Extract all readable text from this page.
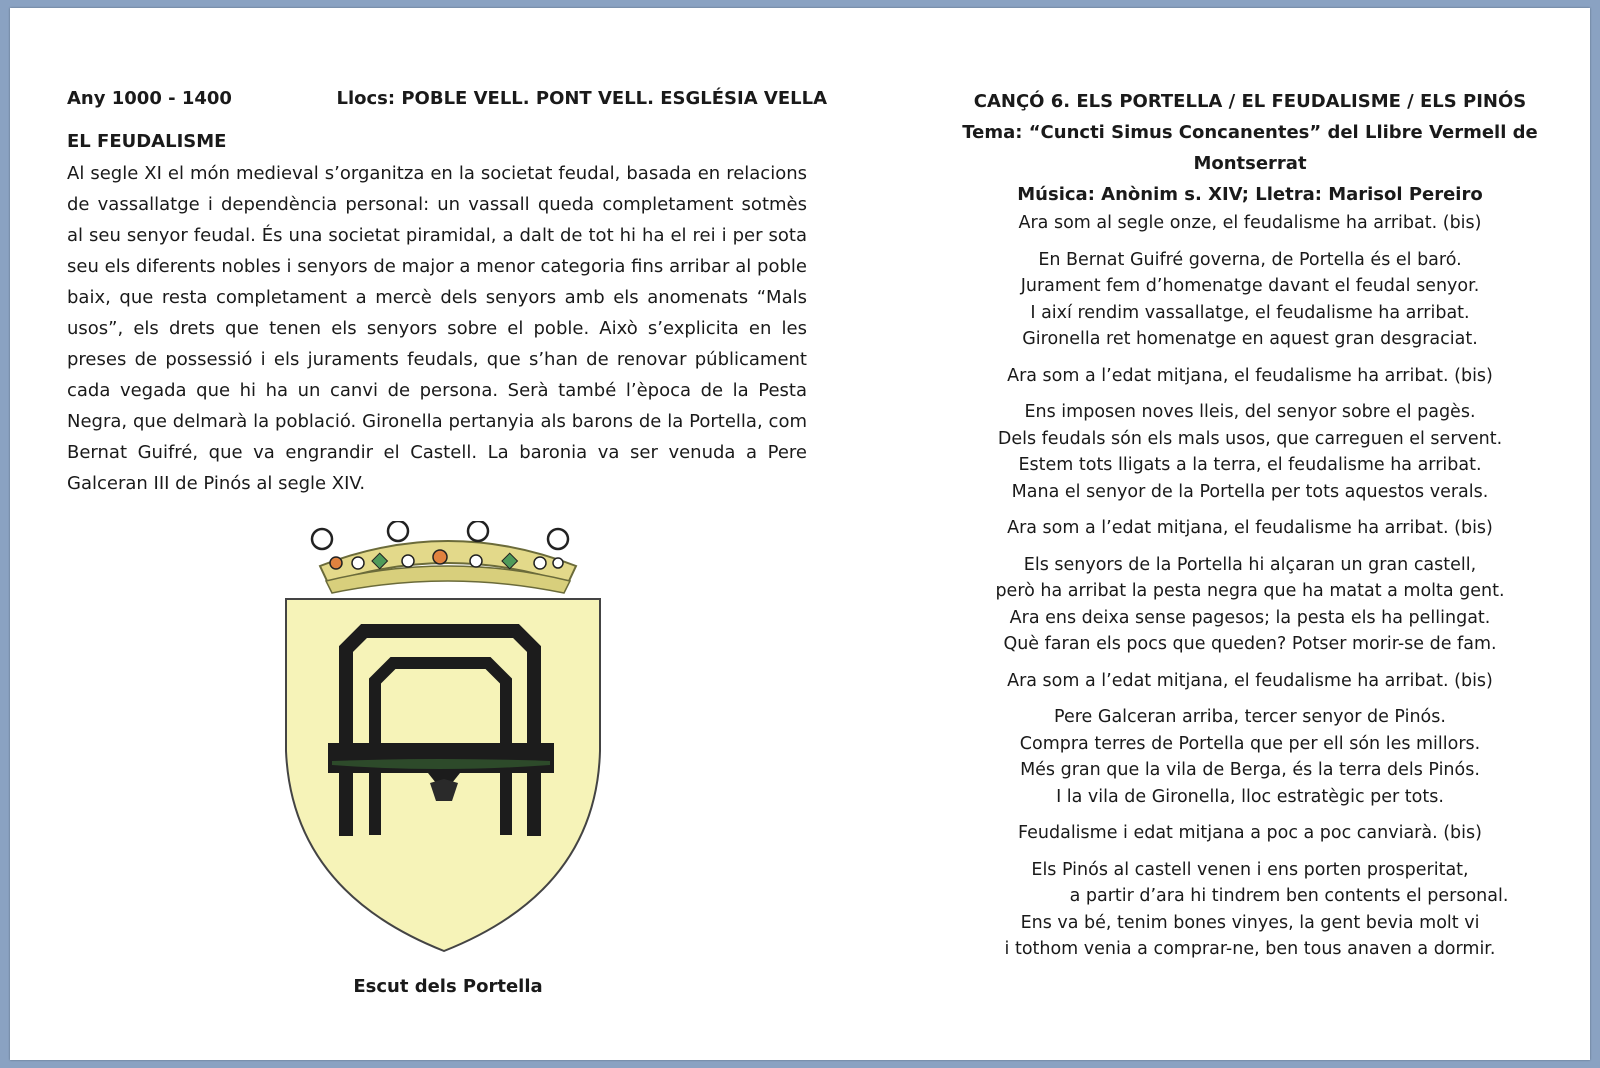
Any 1000 - 1400	Llocs: POBLE VELL. PONT VELL. ESGLÉSIA VELLA
EL FEUDALISME

Al segle XI el món medieval s’organitza en la societat feudal, basada en relacions de vassallatge i dependència personal: un vassall queda completament sotmès al seu senyor feudal. És una societat piramidal, a dalt de tot hi ha el rei i per sota seu els diferents nobles i senyors de major a menor categoria fins arribar al poble baix, que resta completament a mercè dels senyors amb els anomenats “Mals usos”, els drets que tenen els senyors sobre el poble. Això s’explicita en les preses de possessió i els juraments feudals, que s’han de renovar públicament cada vegada que hi ha un canvi de persona. Serà també l’època de la Pesta Negra, que delmarà la població. Gironella pertanyia als barons de la Portella, com Bernat Guifré, que va engrandir el Castell. La baronia va ser venuda a Pere Galceran III de Pinós al segle XIV.

Escut dels Portella
CANÇÓ 6. ELS PORTELLA / EL FEUDALISME / ELS PINÓS
Tema: “Cuncti Simus Concanentes” del Llibre Vermell de Montserrat
Música: Anònim s. XIV; Lletra: Marisol Pereiro
Ara som al segle onze, el feudalisme ha arribat. (bis)
En Bernat Guifré governa, de Portella és el baró.
Jurament fem d’homenatge davant el feudal senyor.
I així rendim vassallatge, el feudalisme ha arribat.
Gironella ret homenatge en aquest gran desgraciat.
Ara som a l’edat mitjana, el feudalisme ha arribat. (bis)
Ens imposen noves lleis, del senyor sobre el pagès.
Dels feudals són els mals usos, que carreguen el servent.
Estem tots lligats a la terra, el feudalisme ha arribat.
Mana el senyor de la Portella per tots aquestos verals.
Ara som a l’edat mitjana, el feudalisme ha arribat. (bis)
Els senyors de la Portella hi alçaran un gran castell,
però ha arribat la pesta negra que ha matat a molta gent.
Ara ens deixa sense pagesos; la pesta els ha pellingat.
Què faran els pocs que queden? Potser morir-se de fam.
Ara som a l’edat mitjana, el feudalisme ha arribat. (bis)
Pere Galceran arriba, tercer senyor de Pinós.
Compra terres de Portella que per ell són les millors.
Més gran que la vila de Berga, és la terra dels Pinós.
I la vila de Gironella, lloc estratègic per tots.
Feudalisme i edat mitjana a poc a poc canviarà. (bis)
Els Pinós al castell venen i ens porten prosperitat,
a partir d’ara hi tindrem ben contents el personal.
Ens va bé, tenim bones vinyes, la gent bevia molt vi
i tothom venia a comprar-ne, ben tous anaven a dormir.
